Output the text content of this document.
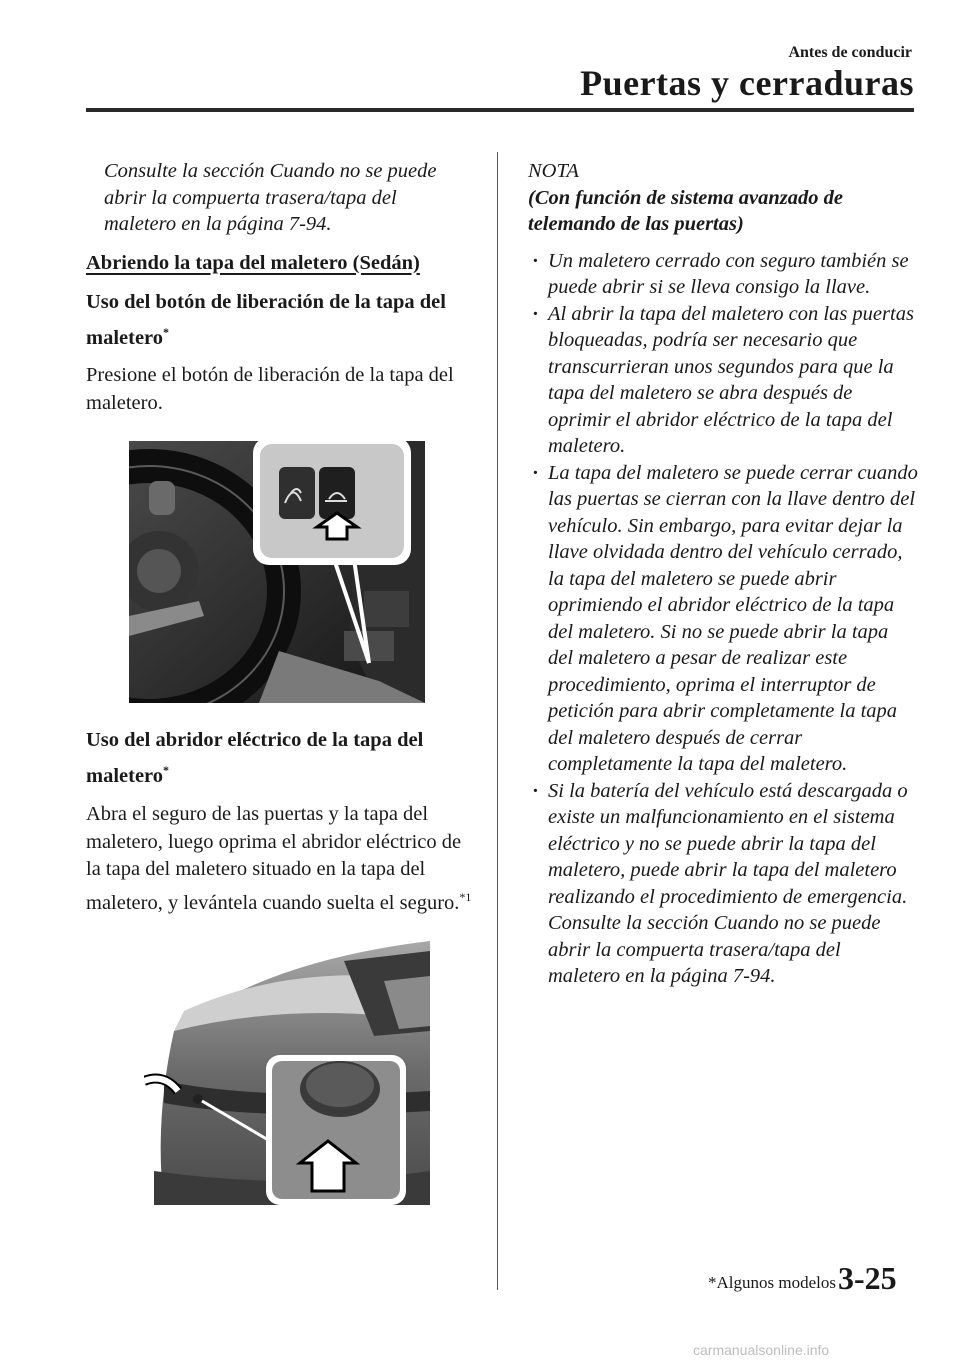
Antes de conducir
Puertas y cerraduras
Consulte la sección Cuando no se puede
abrir la compuerta trasera/tapa del
maletero en la página 7-94.
Abriendo la tapa del maletero (Sedán)
Uso del botón de liberación de la tapa del maletero*

Presione el botón de liberación de la tapa del maletero.

Uso del abridor eléctrico de la tapa del maletero*

Abra el seguro de las puertas y la tapa del maletero, luego oprima el abridor eléctrico de la tapa del maletero situado en la tapa del maletero, y levántela cuando suelta el seguro.$^{*1}$

NOTA
(Con función de sistema avanzado de telemando de las puertas)
· Un maletero cerrado con seguro también se puede abrir si se lleva consigo la llave.
· Al abrir la tapa del maletero con las puertas bloqueadas, podría ser necesario que transcurrieran unos segundos para que la tapa del maletero se abra después de oprimir el abridor eléctrico de la tapa del maletero.
· La tapa del maletero se puede cerrar cuando las puertas se cierran con la llave dentro del vehículo. Sin embargo, para evitar dejar la llave olvidada dentro del vehículo cerrado, la tapa del maletero se puede abrir oprimiendo el abridor eléctrico de la tapa del maletero. Si no se puede abrir la tapa del maletero a pesar de realizar este procedimiento, oprima el interruptor de petición para abrir completamente la tapa del maletero después de cerrar completamente la tapa del maletero.
· Si la batería del vehículo está descargada o existe un malfuncionamiento en el sistema eléctrico y no se puede abrir la tapa del maletero, puede abrir la tapa del maletero realizando el procedimiento de emergencia.
Consulte la sección Cuando no se puede
abrir la compuerta trasera/tapa del
maletero en la página 7-94.
*Algunos modelos 3-25
carmanualsonline.info
